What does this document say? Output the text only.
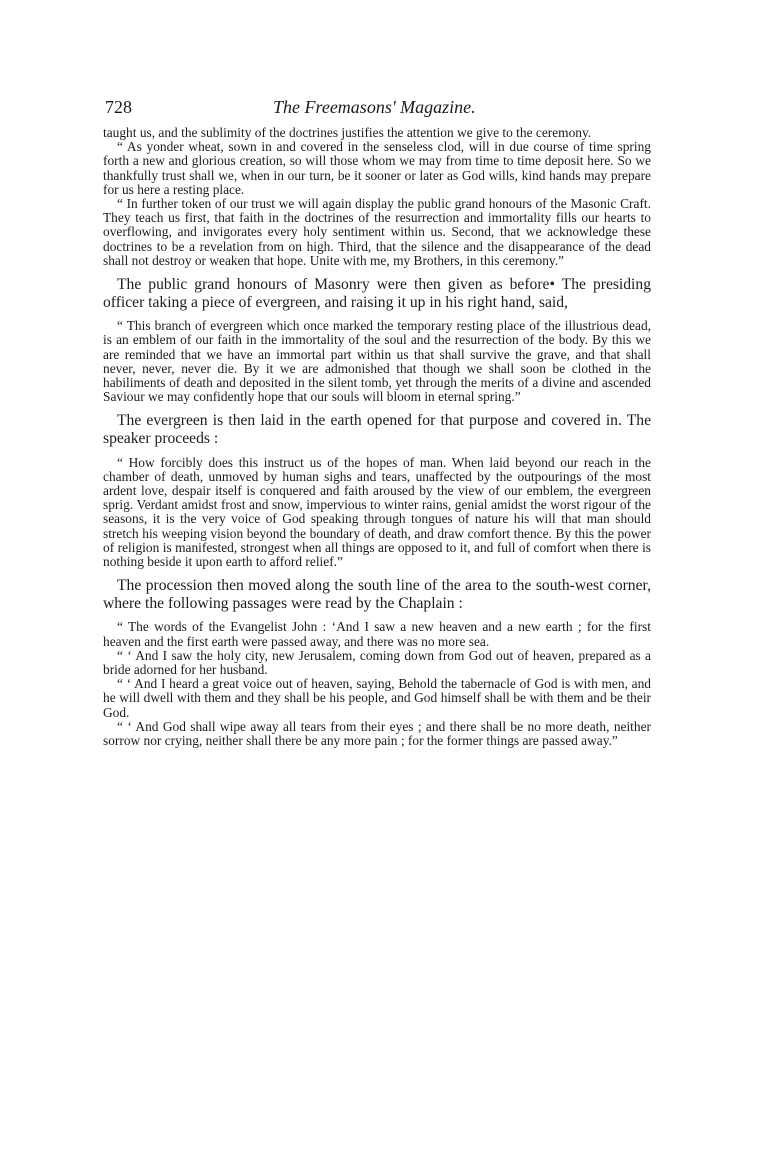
728	The Freemasons' Magazine.

taught us, and the sublimity of the doctrines justifies the attention we give to the ceremony.

“ As yonder wheat, sown in and covered in the senseless clod, will in due course of time spring forth a new and glorious creation, so will those whom we may from time to time deposit here. So we thankfully trust shall we, when in our turn, be it sooner or later as God wills, kind hands may prepare for us here a resting place.

“ In further token of our trust we will again display the public grand honours of the Masonic Craft. They teach us first, that faith in the doctrines of the resurrection and immortality fills our hearts to overflowing, and invigorates every holy sentiment within us. Second, that we acknowledge these doctrines to be a revelation from on high. Third, that the silence and the disappearance of the dead shall not destroy or weaken that hope. Unite with me, my Brothers, in this ceremony.”

The public grand honours of Masonry were then given as before• The presiding officer taking a piece of evergreen, and raising it up in his right hand, said,

“ This branch of evergreen which once marked the temporary resting place of the illustrious dead, is an emblem of our faith in the immortality of the soul and the resurrection of the body. By this we are reminded that we have an immortal part within us that shall survive the grave, and that shall never, never, never die. By it we are admonished that though we shall soon be clothed in the habiliments of death and deposited in the silent tomb, yet through the merits of a divine and ascended Saviour we may confidently hope that our souls will bloom in eternal spring.”

The evergreen is then laid in the earth opened for that purpose and covered in. The speaker proceeds :

“ How forcibly does this instruct us of the hopes of man. When laid beyond our reach in the chamber of death, unmoved by human sighs and tears, unaffected by the outpourings of the most ardent love, despair itself is conquered and faith aroused by the view of our emblem, the evergreen sprig. Verdant amidst frost and snow, impervious to winter rains, genial amidst the worst rigour of the seasons, it is the very voice of God speaking through tongues of nature his will that man should stretch his weeping vision beyond the boundary of death, and draw comfort thence. By this the power of religion is manifested, strongest when all things are opposed to it, and full of comfort when there is nothing beside it upon earth to afford relief.”

The procession then moved along the south line of the area to the south-west corner, where the following passages were read by the Chaplain :

“ The words of the Evangelist John : ‘And I saw a new heaven and a new earth ; for the first heaven and the first earth were passed away, and there was no more sea.

“ ‘ And I saw the holy city, new Jerusalem, coming down from God out of heaven, prepared as a bride adorned for her husband.

“ ‘ And I heard a great voice out of heaven, saying, Behold the tabernacle of God is with men, and he will dwell with them and they shall be his people, and God himself shall be with them and be their God.

“ ‘ And God shall wipe away all tears from their eyes ; and there shall be no more death, neither sorrow nor crying, neither shall there be any more pain ; for the former things are passed away.”
